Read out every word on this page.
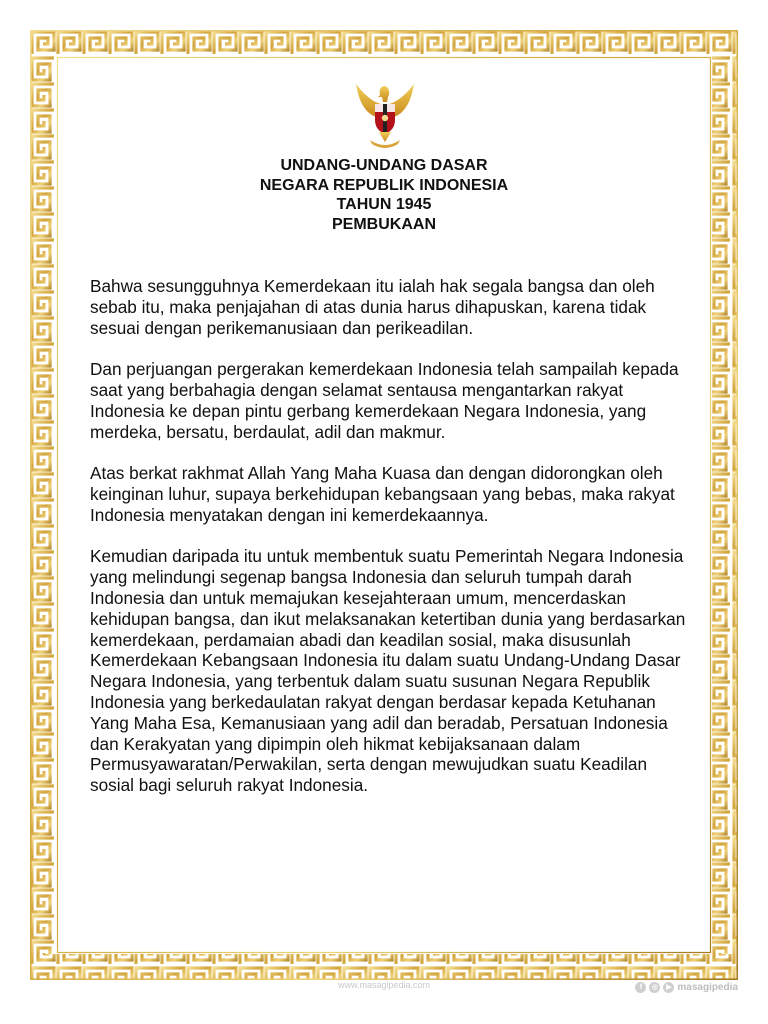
UNDANG-UNDANG DASAR
NEGARA REPUBLIK INDONESIA
TAHUN 1945
PEMBUKAAN

Bahwa sesungguhnya Kemerdekaan itu ialah hak segala bangsa dan oleh sebab itu, maka penjajahan di atas dunia harus dihapuskan, karena tidak sesuai dengan perikemanusiaan dan perikeadilan.

Dan perjuangan pergerakan kemerdekaan Indonesia telah sampailah kepada saat yang berbahagia dengan selamat sentausa mengantarkan rakyat Indonesia ke depan pintu gerbang kemerdekaan Negara Indonesia, yang merdeka, bersatu, berdaulat, adil dan makmur.

Atas berkat rakhmat Allah Yang Maha Kuasa dan dengan didorongkan oleh keinginan luhur, supaya berkehidupan kebangsaan yang bebas, maka rakyat Indonesia menyatakan dengan ini kemerdekaannya.

Kemudian daripada itu untuk membentuk suatu Pemerintah Negara Indonesia yang melindungi segenap bangsa Indonesia dan seluruh tumpah darah Indonesia dan untuk memajukan kesejahteraan umum, mencerdaskan kehidupan bangsa, dan ikut melaksanakan ketertiban dunia yang berdasarkan kemerdekaan, perdamaian abadi dan keadilan sosial, maka disusunlah Kemerdekaan Kebangsaan Indonesia itu dalam suatu Undang-Undang Dasar Negara Indonesia, yang terbentuk dalam suatu susunan Negara Republik Indonesia yang berkedaulatan rakyat dengan berdasar kepada Ketuhanan Yang Maha Esa, Kemanusiaan yang adil dan beradab, Persatuan Indonesia dan Kerakyatan yang dipimpin oleh hikmat kebijaksanaan dalam Permusyawaratan/Perwakilan, serta dengan mewujudkan suatu Keadilan sosial bagi seluruh rakyat Indonesia.

www.masagipedia.com	f	◎	▶ masagipedia
